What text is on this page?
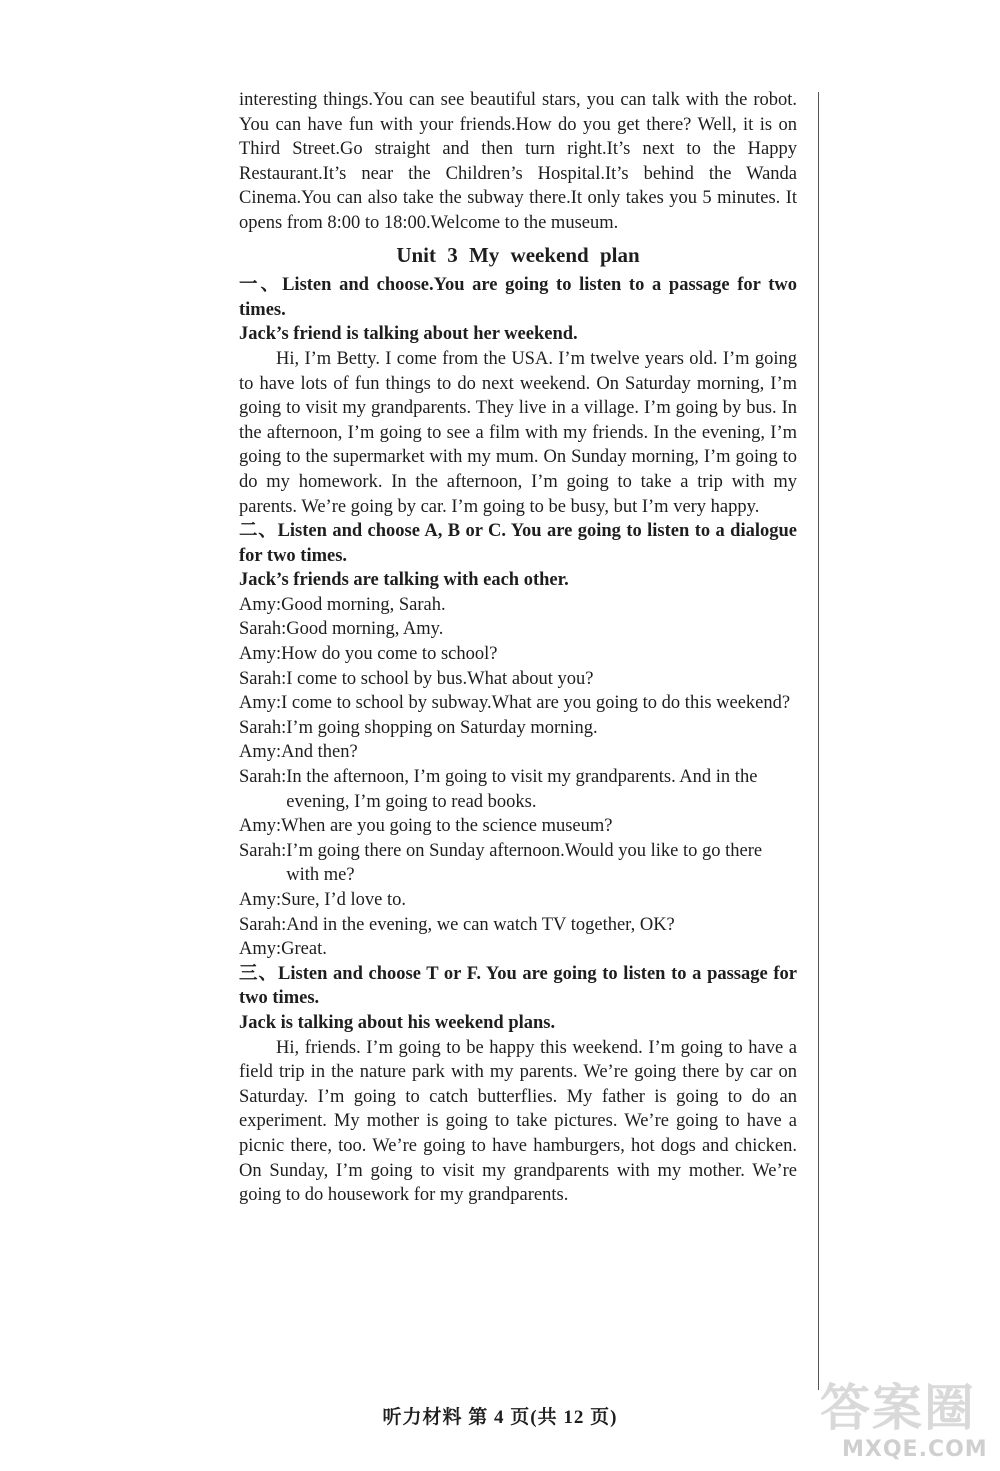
interesting things.You can see beautiful stars, you can talk with the robot. You can have fun with your friends.How do you get there? Well, it is on Third Street.Go straight and then turn right.It’s next to the Happy Restaurant.It’s near the Children’s Hospital.It’s behind the Wanda Cinema.You can also take the subway there.It only takes you 5 minutes. It opens from 8:00 to 18:00.Welcome to the museum.

Unit 3 My weekend plan

一、Listen and choose.You are going to listen to a passage for two times.

Jack’s friend is talking about her weekend.

Hi, I’m Betty. I come from the USA. I’m twelve years old. I’m going to have lots of fun things to do next weekend. On Saturday morning, I’m going to visit my grandparents. They live in a village. I’m going by bus. In the afternoon, I’m going to see a film with my friends. In the evening, I’m going to the supermarket with my mum. On Sunday morning, I’m going to do my homework. In the afternoon, I’m going to take a trip with my parents. We’re going by car. I’m going to be busy, but I’m very happy.

二、Listen and choose A, B or C. You are going to listen to a dialogue for two times.

Jack’s friends are talking with each other.

Amy: Good morning, Sarah.
Sarah: Good morning, Amy.
Amy: How do you come to school?
Sarah: I come to school by bus.What about you?
Amy: I come to school by subway.What are you going to do this weekend?
Sarah: I’m going shopping on Saturday morning.
Amy: And then?
Sarah: In the afternoon, I’m going to visit my grandparents. And in the evening, I’m going to read books.
Amy: When are you going to the science museum?
Sarah: I’m going there on Sunday afternoon.Would you like to go there with me?
Amy: Sure, I’d love to.
Sarah: And in the evening, we can watch TV together, OK?
Amy: Great.

三、Listen and choose T or F. You are going to listen to a passage for two times.

Jack is talking about his weekend plans.

Hi, friends. I’m going to be happy this weekend. I’m going to have a field trip in the nature park with my parents. We’re going there by car on Saturday. I’m going to catch butterflies. My father is going to do an experiment. My mother is going to take pictures. We’re going to have a picnic there, too. We’re going to have hamburgers, hot dogs and chicken. On Sunday, I’m going to visit my grandparents with my mother. We’re going to do housework for my grandparents.

听力材料 第 4 页(共 12 页)	答案圈
MXQE.COM
